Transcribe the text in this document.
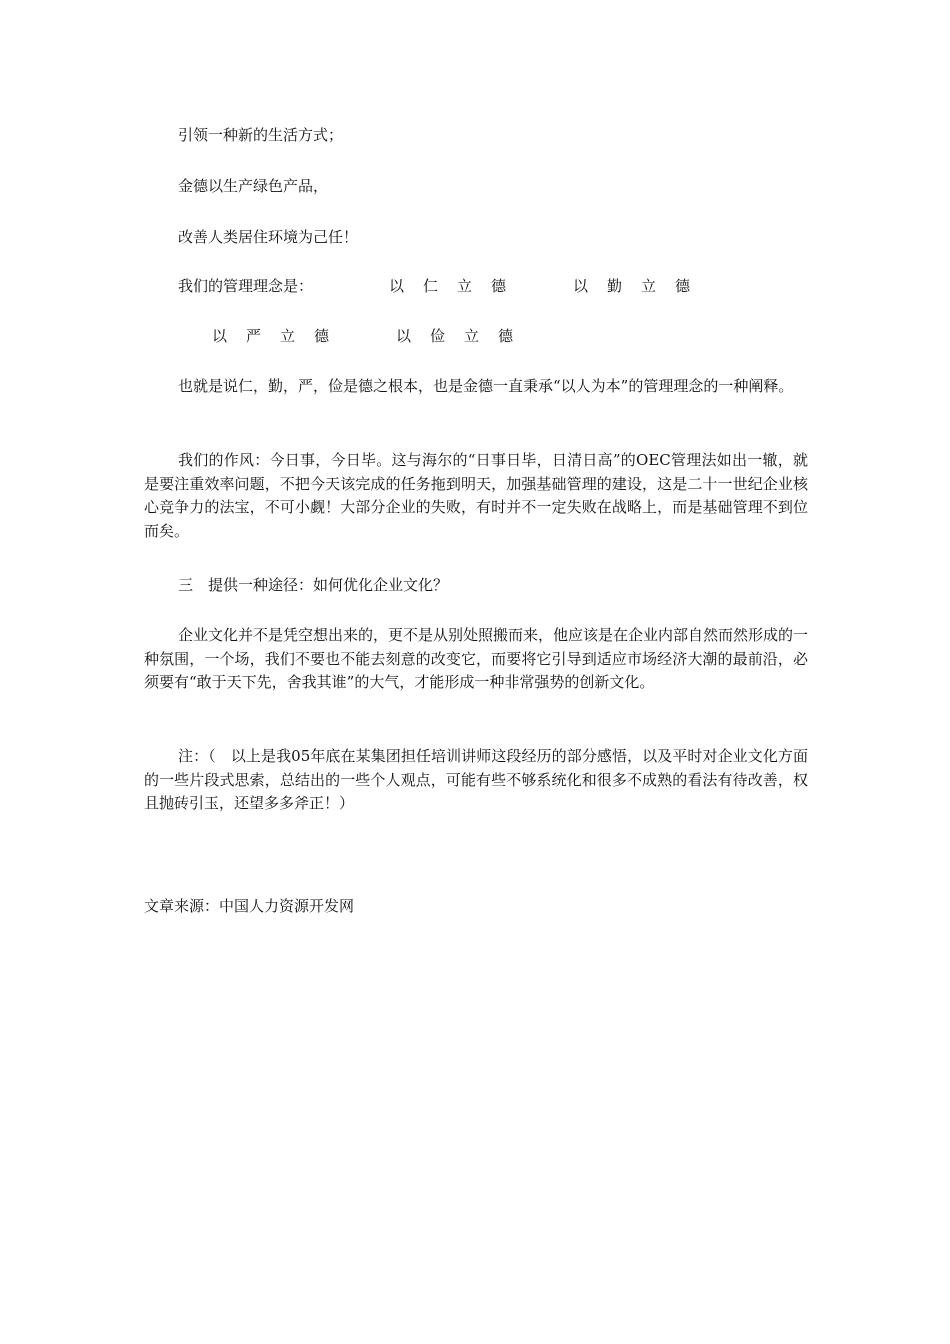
引领一种新的生活方式；

金德以生产绿色产品，

改善人类居住环境为己任！

我们的管理理念是：	以 仁 立 德	以 勤 立 德
以 严 立 德	以 俭 立 德

也就是说仁，勤，严，俭是德之根本，也是金德一直秉承“以人为本”的管理理念的一种阐释。

我们的作风：今日事，今日毕。这与海尔的“日事日毕，日清日高”的OEC管理法如出一辙，就是要注重效率问题，不把今天该完成的任务拖到明天，加强基础管理的建设，这是二十一世纪企业核心竞争力的法宝，不可小觑！大部分企业的失败，有时并不一定失败在战略上，而是基础管理不到位而矣。

三　提供一种途径：如何优化企业文化？

企业文化并不是凭空想出来的，更不是从别处照搬而来，他应该是在企业内部自然而然形成的一种氛围，一个场，我们不要也不能去刻意的改变它，而要将它引导到适应市场经济大潮的最前沿，必须要有“敢于天下先，舍我其谁”的大气，才能形成一种非常强势的创新文化。

注：（　以上是我05年底在某集团担任培训讲师这段经历的部分感悟，以及平时对企业文化方面的一些片段式思索，总结出的一些个人观点，可能有些不够系统化和很多不成熟的看法有待改善，权且抛砖引玉，还望多多斧正！）

文章来源：中国人力资源开发网
